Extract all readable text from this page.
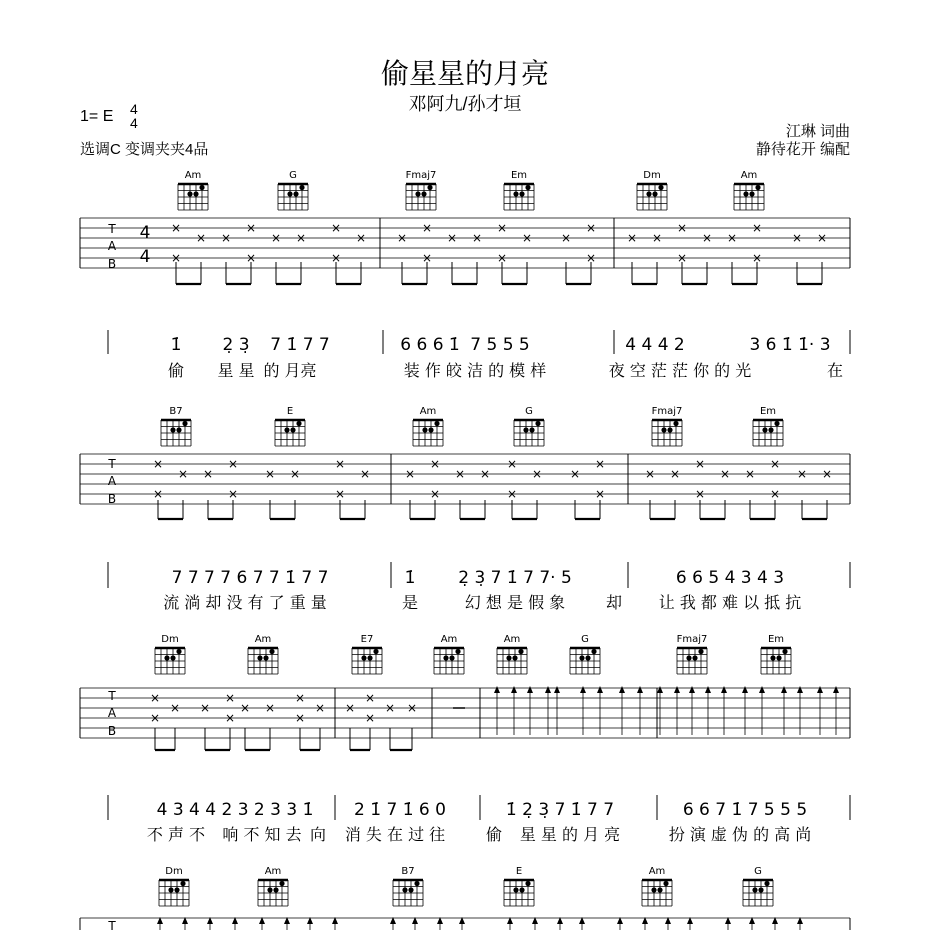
偷星星的月亮
邓阿九/孙才垣
1= E 4
4
选调C 变调夹夹4品
江琳 词曲
静待花开 编配
Am	G	Fmaj7	Em	Dm	Am
T
A
B
4
4
×
×
× ×
×
×
× ×
×
×
×	×
×
×
× ×
×
×
× ×
×
×
× ×
×
×
× ×
×
×
× ×
1̇ 2̣ 3̣ 7 1̇ 7 7	6 6 6 1̇ 7 5 5 5	4 4 4 2	3 6 1̇ 1̇· 3
偷 星 星 的 月亮	装 作 皎 洁 的 模 样	夜 空 茫 茫 你 的 光	在
B7	E	Am	G	Fmaj7	Em
T
A
B
×
×
× ×
×
×
× ×
×
×
×	×
×
×
× ×
×
×
× ×
×
×
× ×
×
×
× ×
×
×
× ×
7 7 7 7 6 7 7 1̇ 7 7	1̇	2̣ 3̣ 7 1̇ 7 7· 5	6 6 5 4 3 4 3
流 淌 却 没 有 了 重 量	是	幻 想 是 假 象	却 让 我 都 难 以 抵 抗
Dm	Am	E7	Am	Am	G	Fmaj7	Em
T
A
B
×
×
× ×
×
×
× ×
×
×
× ×
×
×
× ×
4 3 4 4 2 3 2 3 3 1̇ 2 1̇ 7 1̇ 6 0	1̇ 2̣ 3̣ 7 1̇ 7 7	6 6 7 1̇ 7 5 5 5
不 声 不 响 不 知 去 向 消 失 在 过 往	偷 星 星 的 月 亮	扮 演 虚 伪 的 高 尚
Dm	Am	B7	E	Am	G
T
